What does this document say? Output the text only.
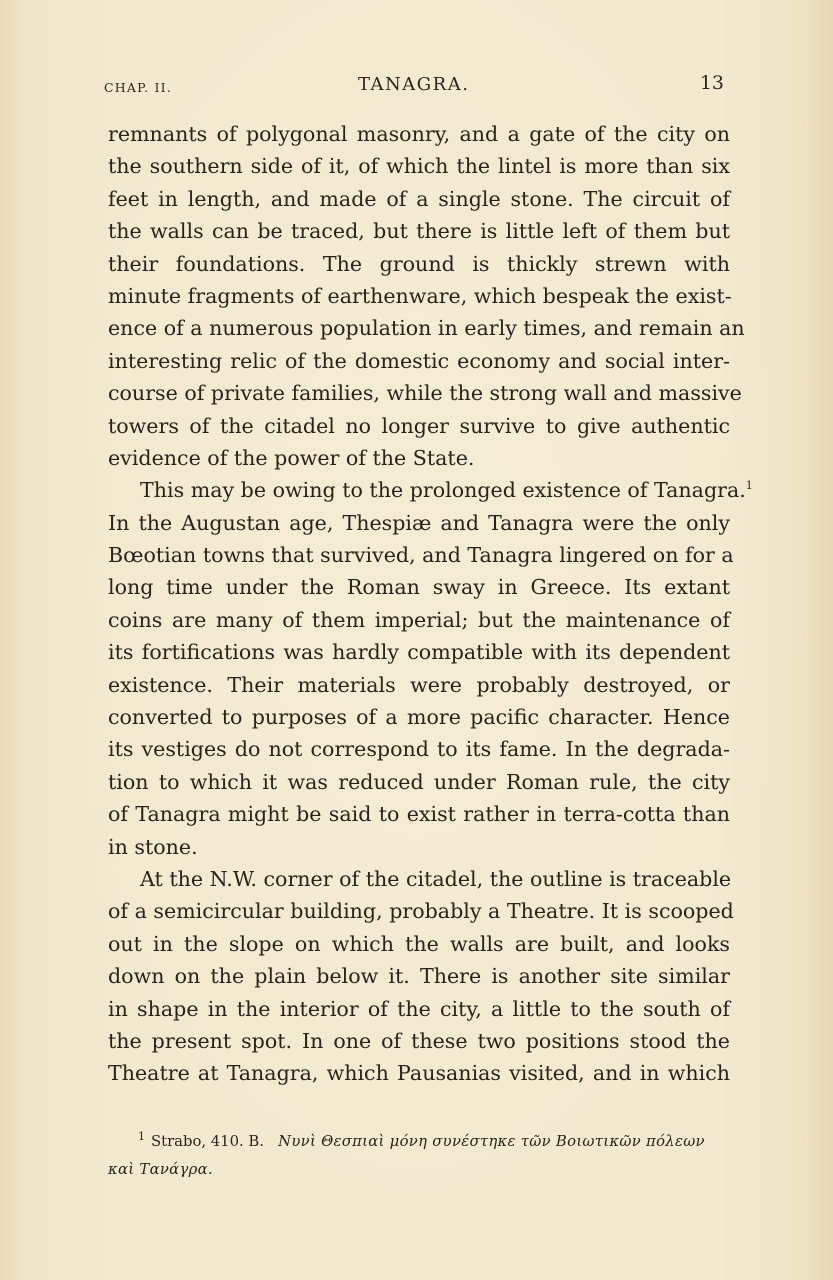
CHAP. II.	TANAGRA.	13
remnants of polygonal masonry, and a gate of the city on
the southern side of it, of which the lintel is more than six
feet in length, and made of a single stone. The circuit of
the walls can be traced, but there is little left of them but
their foundations. The ground is thickly strewn with
minute fragments of earthenware, which bespeak the exist-
ence of a numerous population in early times, and remain an
interesting relic of the domestic economy and social inter-
course of private families, while the strong wall and massive
towers of the citadel no longer survive to give authentic
evidence of the power of the State.
This may be owing to the prolonged existence of Tanagra.$^1$
In the Augustan age, Thespiæ and Tanagra were the only
Bœotian towns that survived, and Tanagra lingered on for a
long time under the Roman sway in Greece. Its extant
coins are many of them imperial; but the maintenance of
its fortifications was hardly compatible with its dependent
existence. Their materials were probably destroyed, or
converted to purposes of a more pacific character. Hence
its vestiges do not correspond to its fame. In the degrada-
tion to which it was reduced under Roman rule, the city
of Tanagra might be said to exist rather in terra-cotta than
in stone.
At the N.W. corner of the citadel, the outline is traceable
of a semicircular building, probably a Theatre. It is scooped
out in the slope on which the walls are built, and looks
down on the plain below it. There is another site similar
in shape in the interior of the city, a little to the south of
the present spot. In one of these two positions stood the
Theatre at Tanagra, which Pausanias visited, and in which
$^1$ Strabo, 410. B. Νυνὶ Θεσπιαὶ μόνη συνέστηκε τῶν Βοιωτικῶν πόλεων
καὶ Τανάγρα.
